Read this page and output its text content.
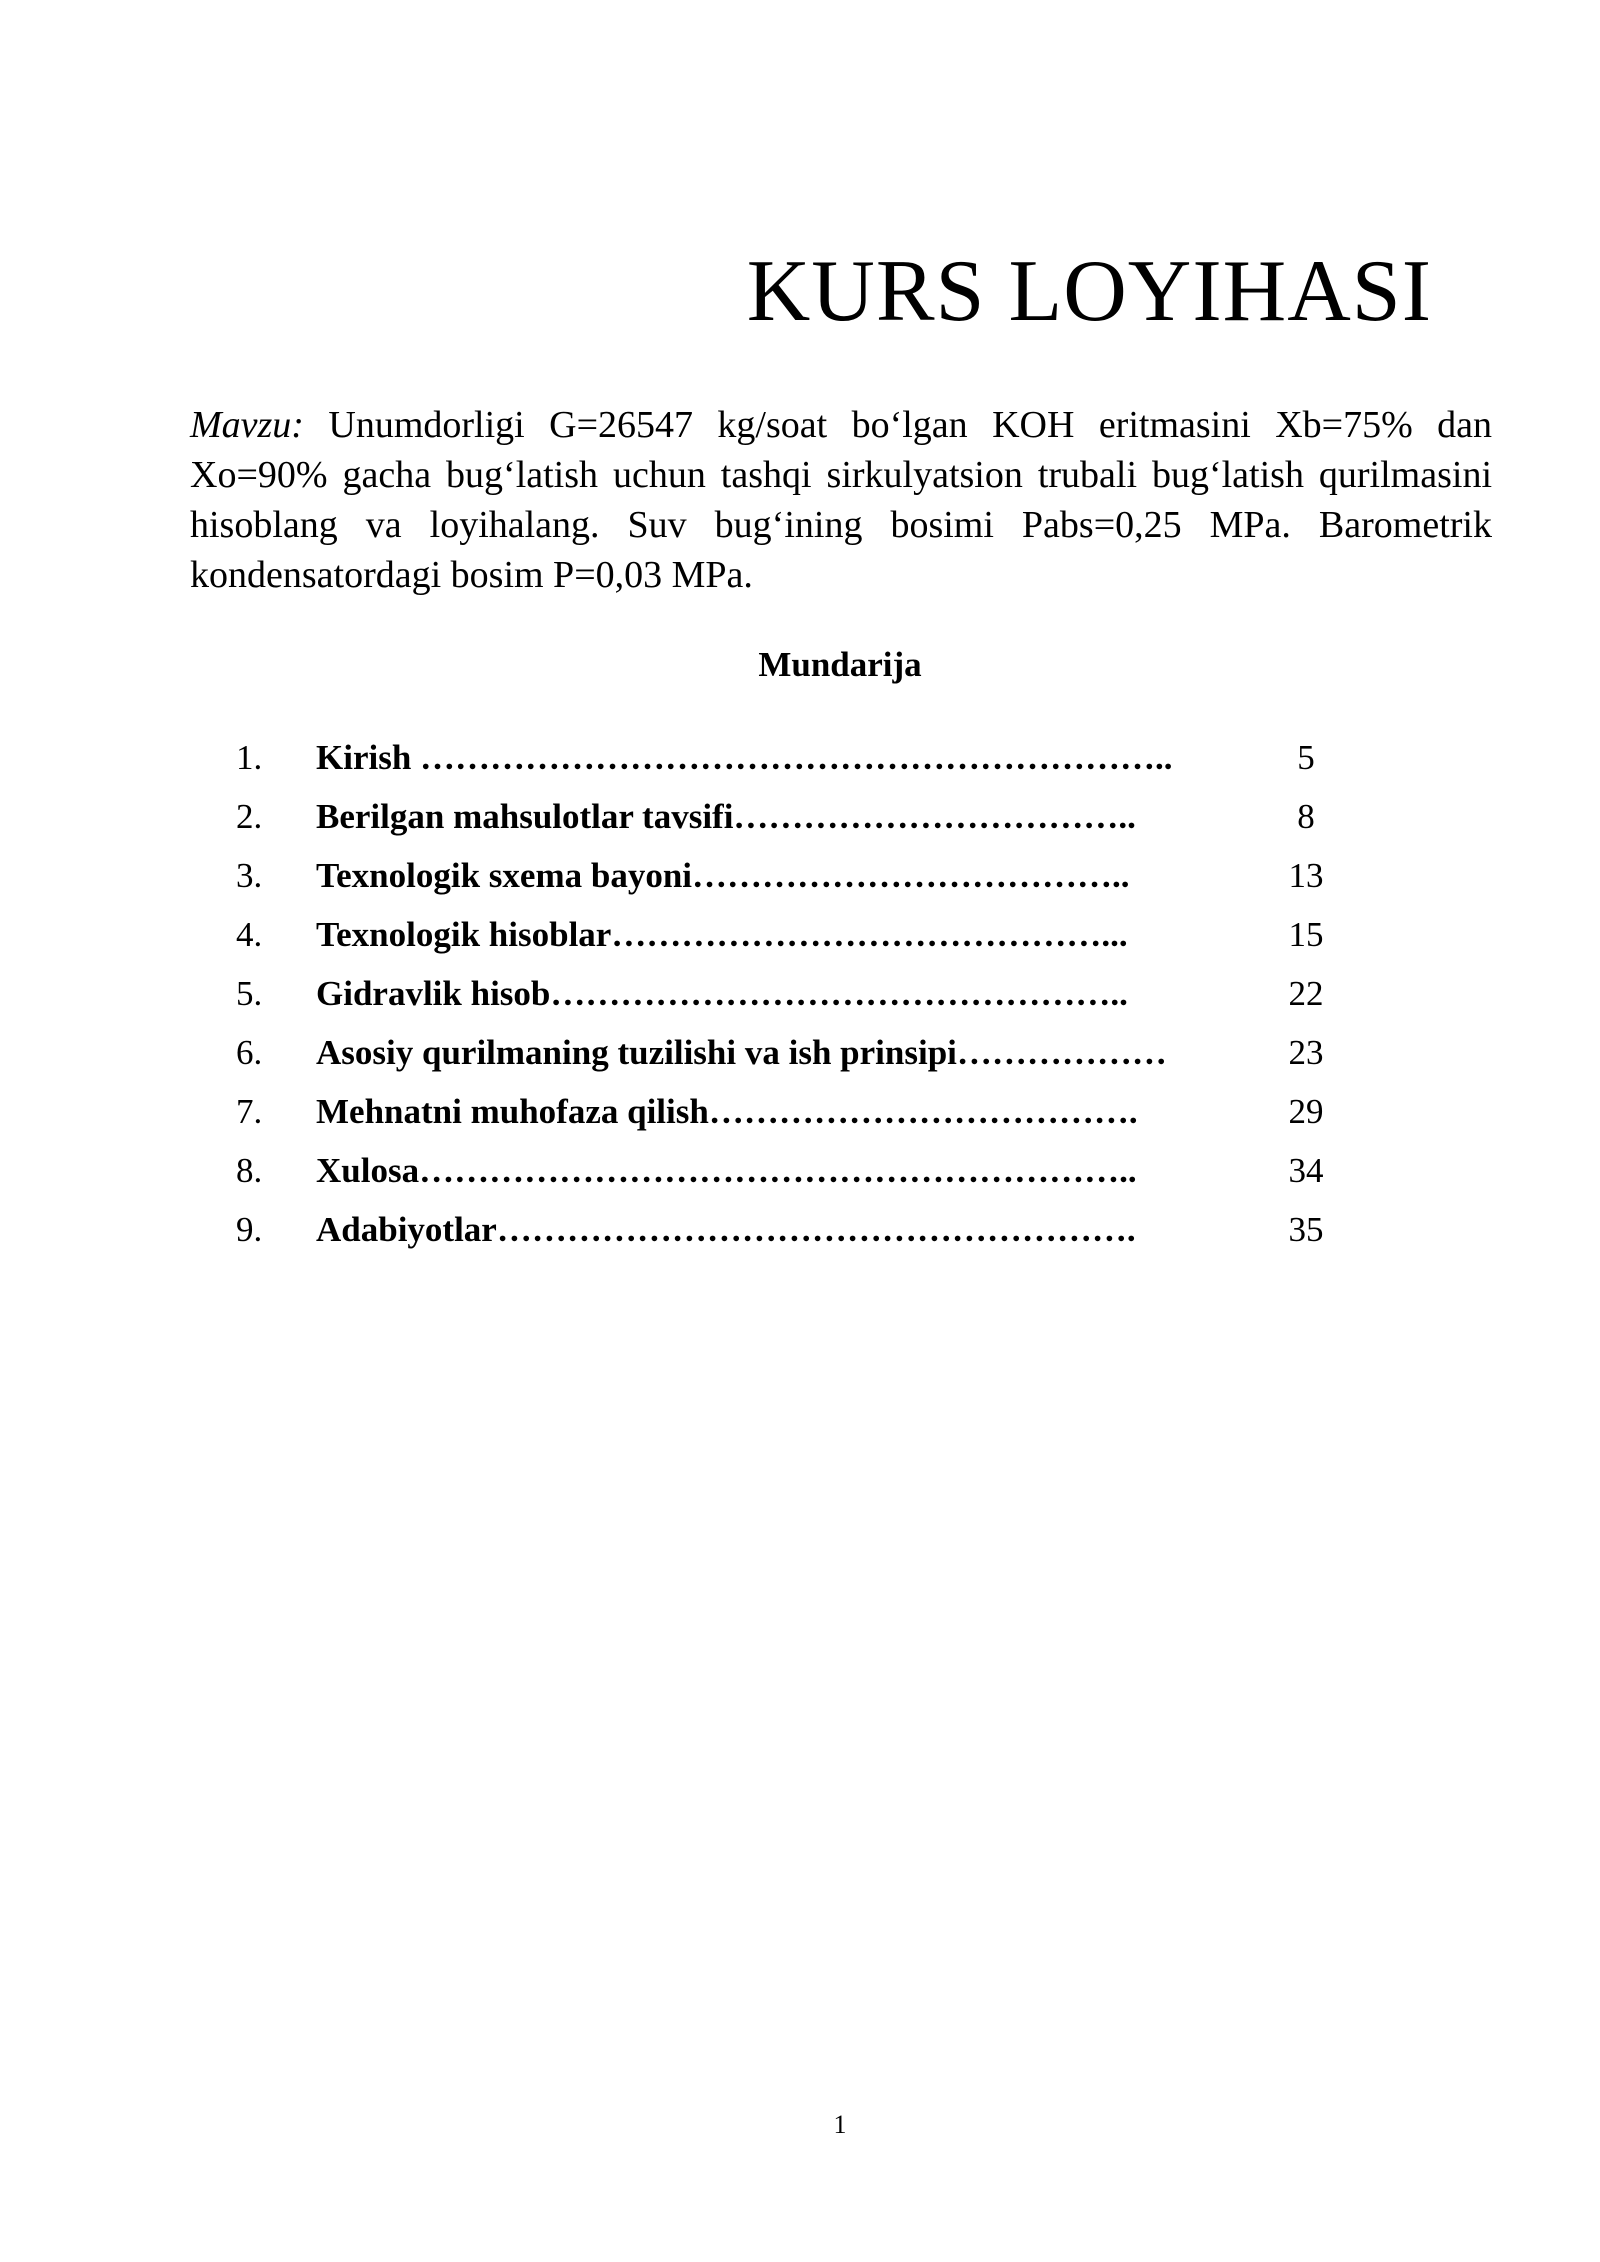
KURS LOYIHASI

Mavzu: Unumdorligi G=26547 kg/soat bo‘lgan KOH eritmasini Xb=75% dan Xo=90% gacha bug‘latish uchun tashqi sirkulyatsion trubali bug‘latish qurilmasini hisoblang va loyihalang. Suv bug‘ining bosimi Pabs=0,25 MPa. Barometrik kondensatordagi bosim P=0,03 MPa.

Mundarija
1. Kirish ………………………………………………………..	5
2. Berilgan mahsulotlar tavsifi……………………………..	8
3. Texnologik sxema bayoni………………………………..	13
4. Texnologik hisoblar……………………………………...	15
5. Gidravlik hisob…………………………………………..	22
6. Asosiy qurilmaning tuzilishi va ish prinsipi………………	23
7. Mehnatni muhofaza qilish……………………………….	29
8. Xulosa……………………………………………………..	34
9. Adabiyotlar……………………………………………….	35
1
